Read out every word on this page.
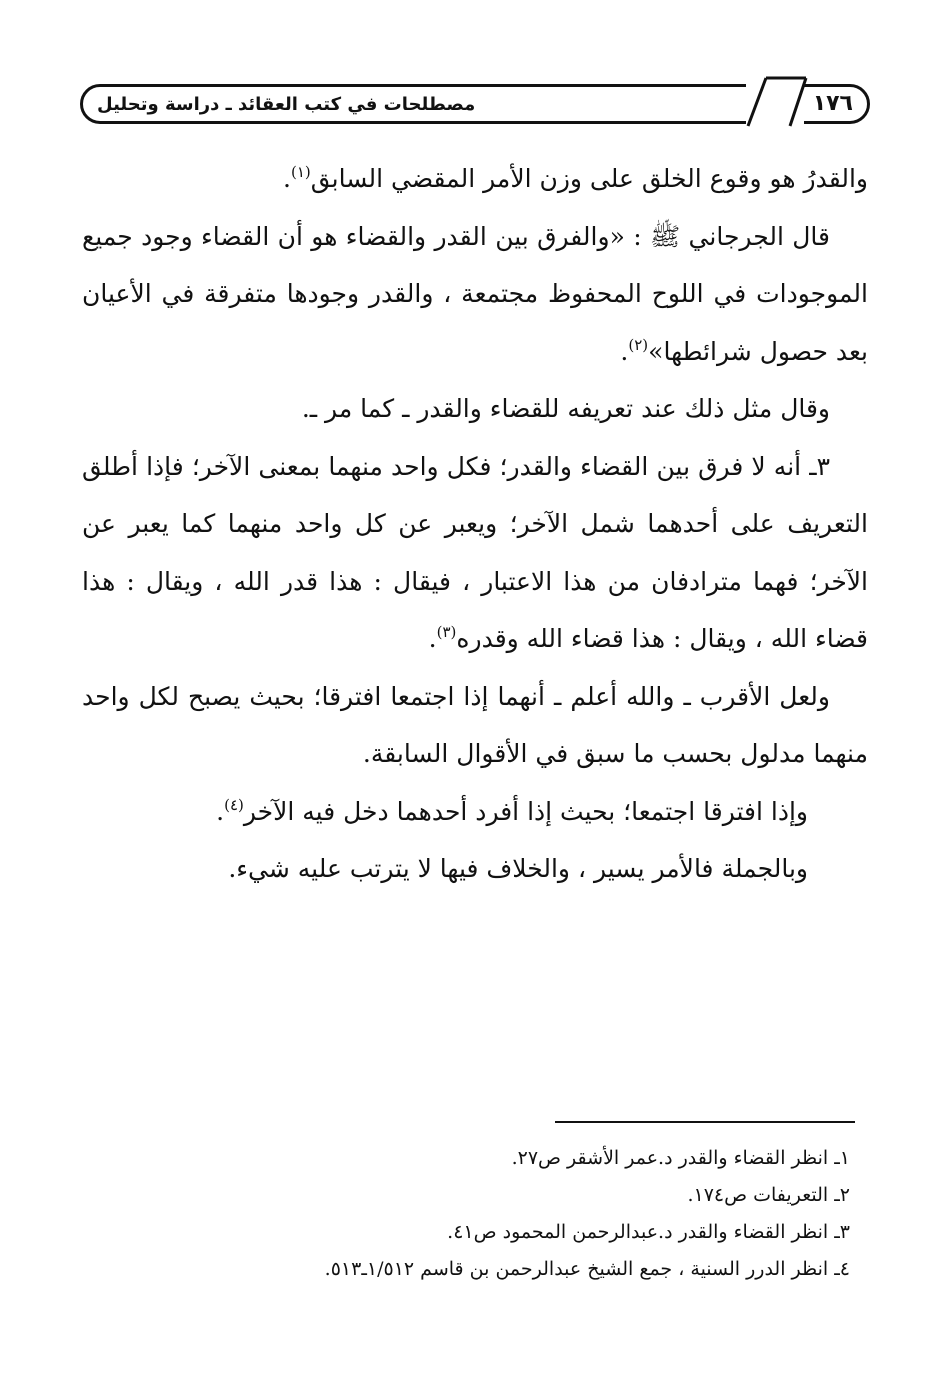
مصطلحات في كتب العقائد ـ دراسة وتحليل	١٧٦

والقدرُ هو وقوع الخلق على وزن الأمر المقضي السابق$^{(١)}$.

قال الجرجاني ﷺ : «والفرق بين القدر والقضاء هو أن القضاء وجود جميع الموجودات في اللوح المحفوظ مجتمعة ، والقدر وجودها متفرقة في الأعيان بعد حصول شرائطها»$^{(٢)}$.

وقال مثل ذلك عند تعريفه للقضاء والقدر ـ كما مر ـ.

٣ـ أنه لا فرق بين القضاء والقدر؛ فكل واحد منهما بمعنى الآخر؛ فإذا أطلق التعريف على أحدهما شمل الآخر؛ ويعبر عن كل واحد منهما كما يعبر عن الآخر؛ فهما مترادفان من هذا الاعتبار ، فيقال : هذا قدر الله ، ويقال : هذا قضاء الله ، ويقال : هذا قضاء الله وقدره$^{(٣)}$.

ولعل الأقرب ـ والله أعلم ـ أنهما إذا اجتمعا افترقا؛ بحيث يصبح لكل واحد منهما مدلول بحسب ما سبق في الأقوال السابقة.

وإذا افترقا اجتمعا؛ بحيث إذا أفرد أحدهما دخل فيه الآخر$^{(٤)}$.

وبالجملة فالأمر يسير ، والخلاف فيها لا يترتب عليه شيء.

١ـ انظر القضاء والقدر د.عمر الأشقر ص٢٧.

٢ـ التعريفات ص١٧٤.

٣ـ انظر القضاء والقدر د.عبدالرحمن المحمود ص٤١.

٤ـ انظر الدرر السنية ، جمع الشيخ عبدالرحمن بن قاسم ١/٥١٢ـ٥١٣.
